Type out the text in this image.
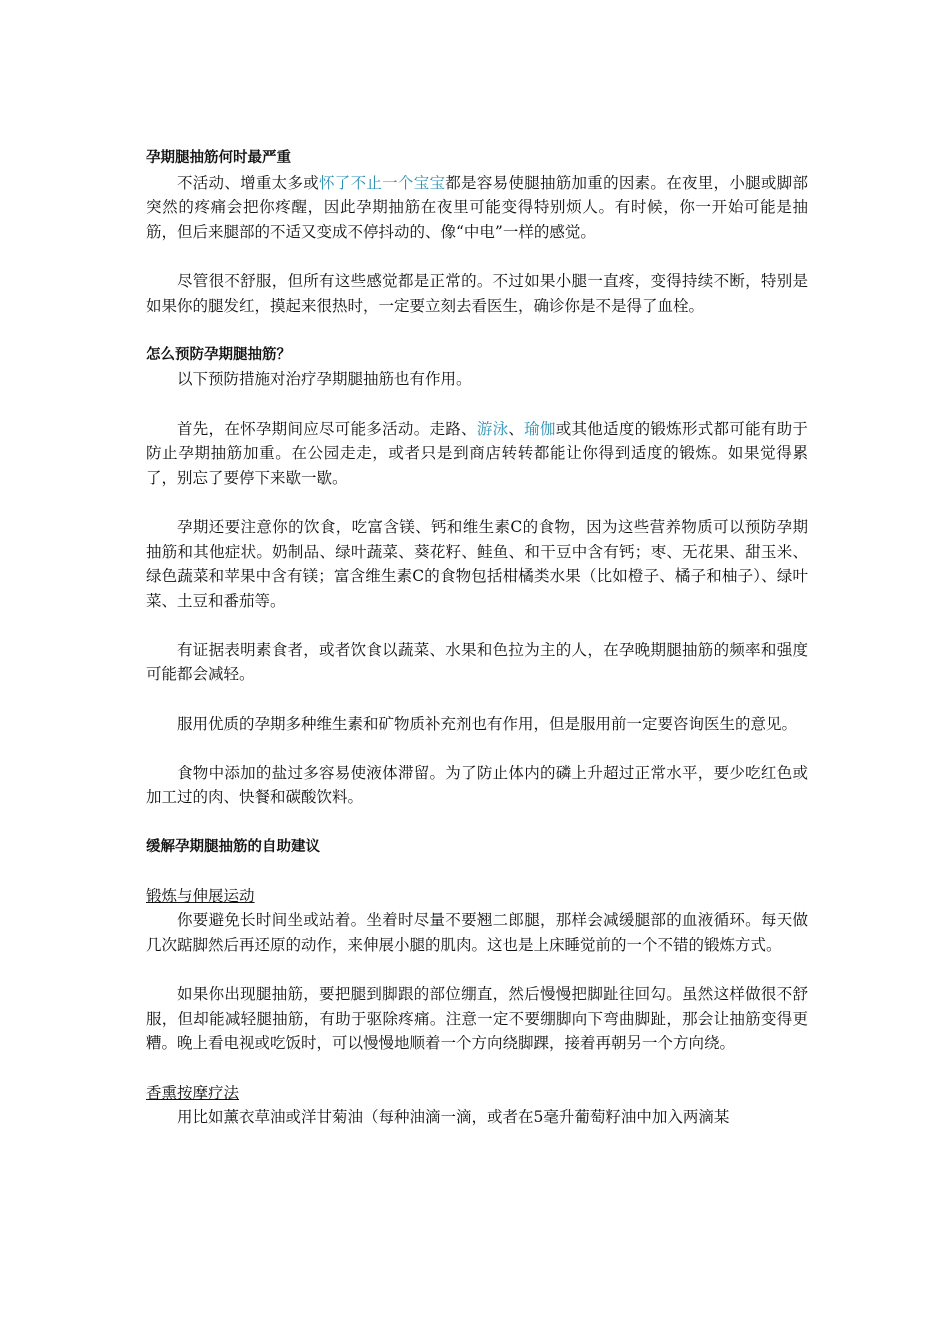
孕期腿抽筋何时最严重

不活动、增重太多或怀了不止一个宝宝都是容易使腿抽筋加重的因素。在夜里，小腿或脚部突然的疼痛会把你疼醒，因此孕期抽筋在夜里可能变得特别烦人。有时候，你一开始可能是抽筋，但后来腿部的不适又变成不停抖动的、像“中电”一样的感觉。

尽管很不舒服，但所有这些感觉都是正常的。不过如果小腿一直疼，变得持续不断，特别是如果你的腿发红，摸起来很热时，一定要立刻去看医生，确诊你是不是得了血栓。

怎么预防孕期腿抽筋？

以下预防措施对治疗孕期腿抽筋也有作用。

首先，在怀孕期间应尽可能多活动。走路、游泳、瑜伽或其他适度的锻炼形式都可能有助于防止孕期抽筋加重。在公园走走，或者只是到商店转转都能让你得到适度的锻炼。如果觉得累了，别忘了要停下来歇一歇。

孕期还要注意你的饮食，吃富含镁、钙和维生素C的食物，因为这些营养物质可以预防孕期抽筋和其他症状。奶制品、绿叶蔬菜、葵花籽、鲑鱼、和干豆中含有钙；枣、无花果、甜玉米、绿色蔬菜和苹果中含有镁；富含维生素C的食物包括柑橘类水果（比如橙子、橘子和柚子）、绿叶菜、土豆和番茄等。

有证据表明素食者，或者饮食以蔬菜、水果和色拉为主的人，在孕晚期腿抽筋的频率和强度可能都会减轻。

服用优质的孕期多种维生素和矿物质补充剂也有作用，但是服用前一定要咨询医生的意见。

食物中添加的盐过多容易使液体滞留。为了防止体内的磷上升超过正常水平，要少吃红色或加工过的肉、快餐和碳酸饮料。

缓解孕期腿抽筋的自助建议
锻炼与伸展运动

你要避免长时间坐或站着。坐着时尽量不要翘二郎腿，那样会减缓腿部的血液循环。每天做几次踮脚然后再还原的动作，来伸展小腿的肌肉。这也是上床睡觉前的一个不错的锻炼方式。

如果你出现腿抽筋，要把腿到脚跟的部位绷直，然后慢慢把脚趾往回勾。虽然这样做很不舒服，但却能减轻腿抽筋，有助于驱除疼痛。注意一定不要绷脚向下弯曲脚趾，那会让抽筋变得更糟。晚上看电视或吃饭时，可以慢慢地顺着一个方向绕脚踝，接着再朝另一个方向绕。

香熏按摩疗法

用比如薰衣草油或洋甘菊油（每种油滴一滴，或者在5毫升葡萄籽油中加入两滴某
